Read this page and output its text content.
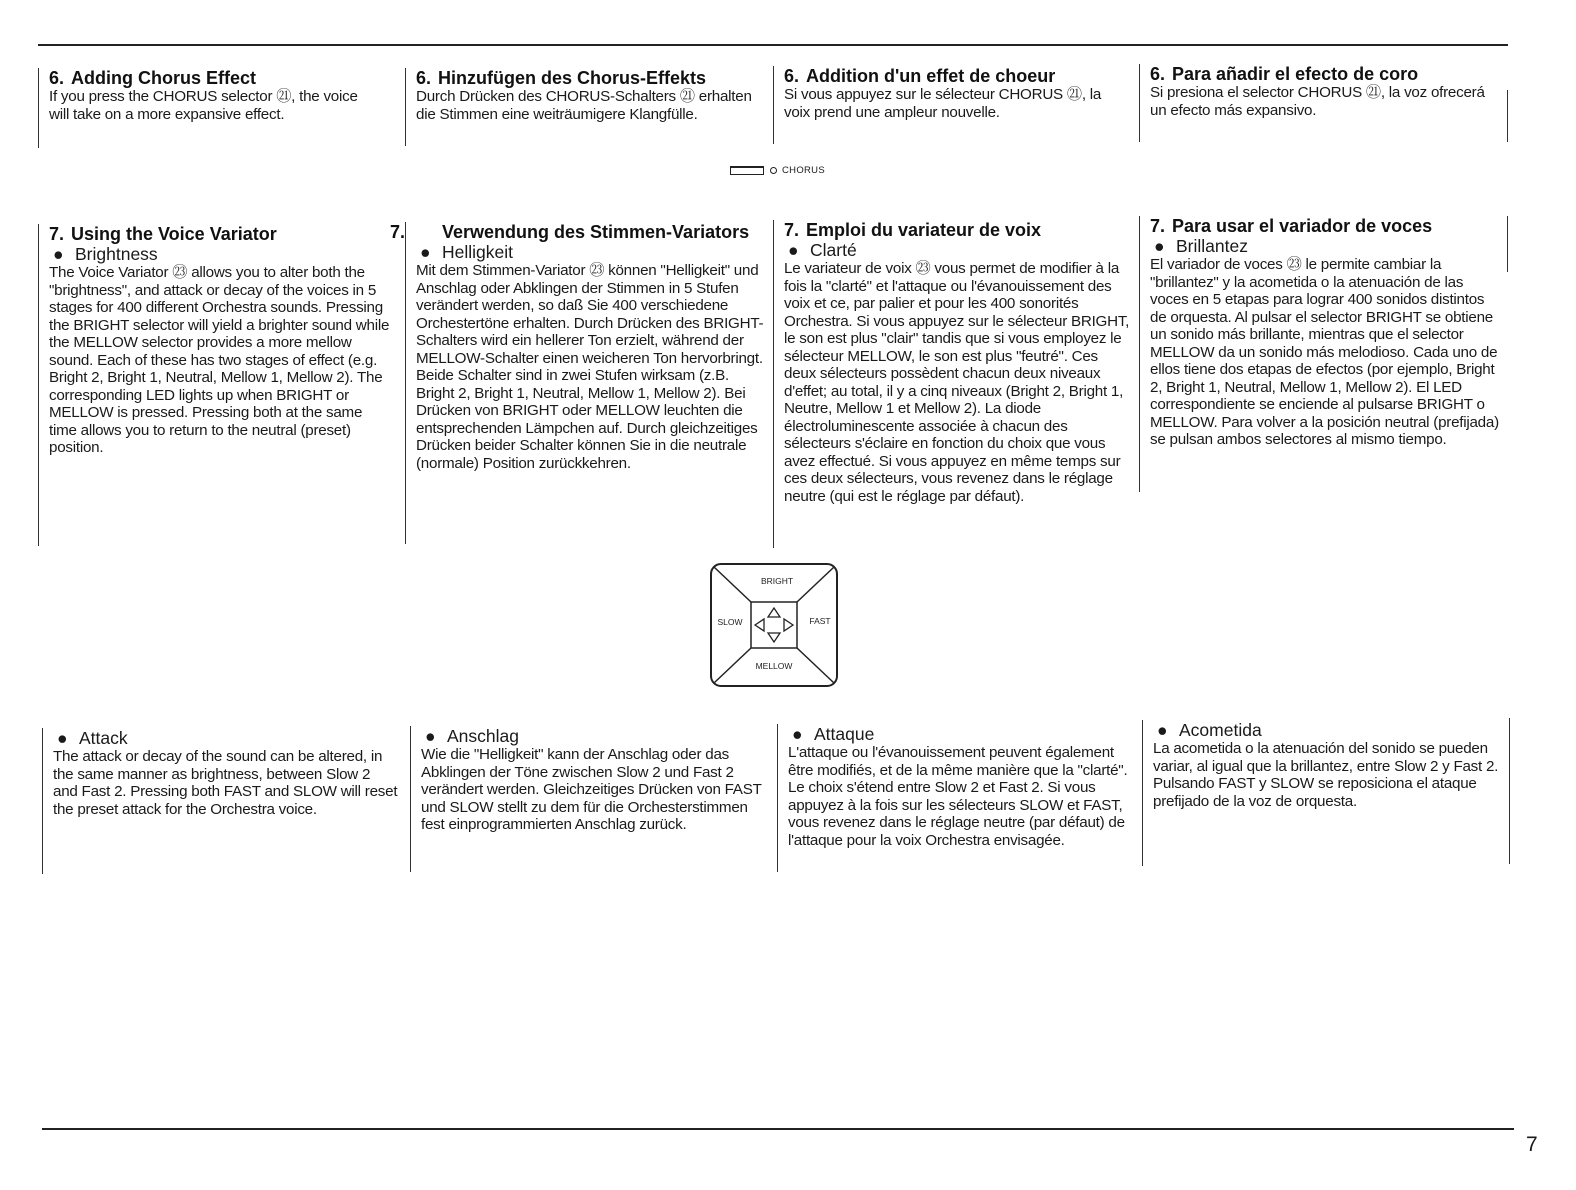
6. Adding Chorus Effect

If you press the CHORUS selector ㉑, the voice will take on a more expansive effect.

6. Hinzufügen des Chorus-Effekts

Durch Drücken des CHORUS-Schalters ㉑ erhalten die Stimmen eine weiträumigere Klangfülle.

6. Addition d'un effet de choeur

Si vous appuyez sur le sélecteur CHORUS ㉑, la voix prend une ampleur nouvelle.

6. Para añadir el efecto de coro

Si presiona el selector CHORUS ㉑, la voz ofrecerá un efecto más expansivo.

CHORUS

7. Using the Voice Variator

● Brightness

The Voice Variator ㉓ allows you to alter both the "brightness", and attack or decay of the voices in 5 stages for 400 different Orchestra sounds. Pressing the BRIGHT selector will yield a brighter sound while the MELLOW selector provides a more mellow sound. Each of these has two stages of effect (e.g. Bright 2, Bright 1, Neutral, Mellow 1, Mellow 2). The corresponding LED lights up when BRIGHT or MELLOW is pressed. Pressing both at the same time allows you to return to the neutral (preset) position.

7. Verwendung des Stimmen-Variators

● Helligkeit

Mit dem Stimmen-Variator ㉓ können "Helligkeit" und Anschlag oder Abklingen der Stimmen in 5 Stufen verändert werden, so daß Sie 400 verschiedene Orchestertöne erhalten. Durch Drücken des BRIGHT-Schalters wird ein hellerer Ton erzielt, während der MELLOW-Schalter einen weicheren Ton hervorbringt. Beide Schalter sind in zwei Stufen wirksam (z.B. Bright 2, Bright 1, Neutral, Mellow 1, Mellow 2). Bei Drücken von BRIGHT oder MELLOW leuchten die entsprechenden Lämpchen auf. Durch gleichzeitiges Drücken beider Schalter können Sie in die neutrale (normale) Position zurückkehren.

7. Emploi du variateur de voix

● Clarté

Le variateur de voix ㉓ vous permet de modifier à la fois la "clarté" et l'attaque ou l'évanouissement des voix et ce, par palier et pour les 400 sonorités Orchestra. Si vous appuyez sur le sélecteur BRIGHT, le son est plus "clair" tandis que si vous employez le sélecteur MELLOW, le son est plus "feutré". Ces deux sélecteurs possèdent chacun deux niveaux d'effet; au total, il y a cinq niveaux (Bright 2, Bright 1, Neutre, Mellow 1 et Mellow 2). La diode électroluminescente associée à chacun des sélecteurs s'éclaire en fonction du choix que vous avez effectué. Si vous appuyez en même temps sur ces deux sélecteurs, vous revenez dans le réglage neutre (qui est le réglage par défaut).

7. Para usar el variador de voces

● Brillantez

El variador de voces ㉓ le permite cambiar la "brillantez" y la acometida o la atenuación de las voces en 5 etapas para lograr 400 sonidos distintos de orquesta. Al pulsar el selector BRIGHT se obtiene un sonido más brillante, mientras que el selector MELLOW da un sonido más melodioso. Cada uno de ellos tiene dos etapas de efectos (por ejemplo, Bright 2, Bright 1, Neutral, Mellow 1, Mellow 2). El LED correspondiente se enciende al pulsarse BRIGHT o MELLOW. Para volver a la posición neutral (prefijada) se pulsan ambos selectores al mismo tiempo.

BRIGHT
MELLOW
SLOW	FAST

● Attack

The attack or decay of the sound can be altered, in the same manner as brightness, between Slow 2 and Fast 2. Pressing both FAST and SLOW will reset the preset attack for the Orchestra voice.

● Anschlag

Wie die "Helligkeit" kann der Anschlag oder das Abklingen der Töne zwischen Slow 2 und Fast 2 verändert werden. Gleichzeitiges Drücken von FAST und SLOW stellt zu dem für die Orchesterstimmen fest einprogrammierten Anschlag zurück.

● Attaque

L'attaque ou l'évanouissement peuvent également être modifiés, et de la même manière que la "clarté". Le choix s'étend entre Slow 2 et Fast 2. Si vous appuyez à la fois sur les sélecteurs SLOW et FAST, vous revenez dans le réglage neutre (par défaut) de l'attaque pour la voix Orchestra envisagée.

● Acometida

La acometida o la atenuación del sonido se pueden variar, al igual que la brillantez, entre Slow 2 y Fast 2. Pulsando FAST y SLOW se reposiciona el ataque prefijado de la voz de orquesta.

7
